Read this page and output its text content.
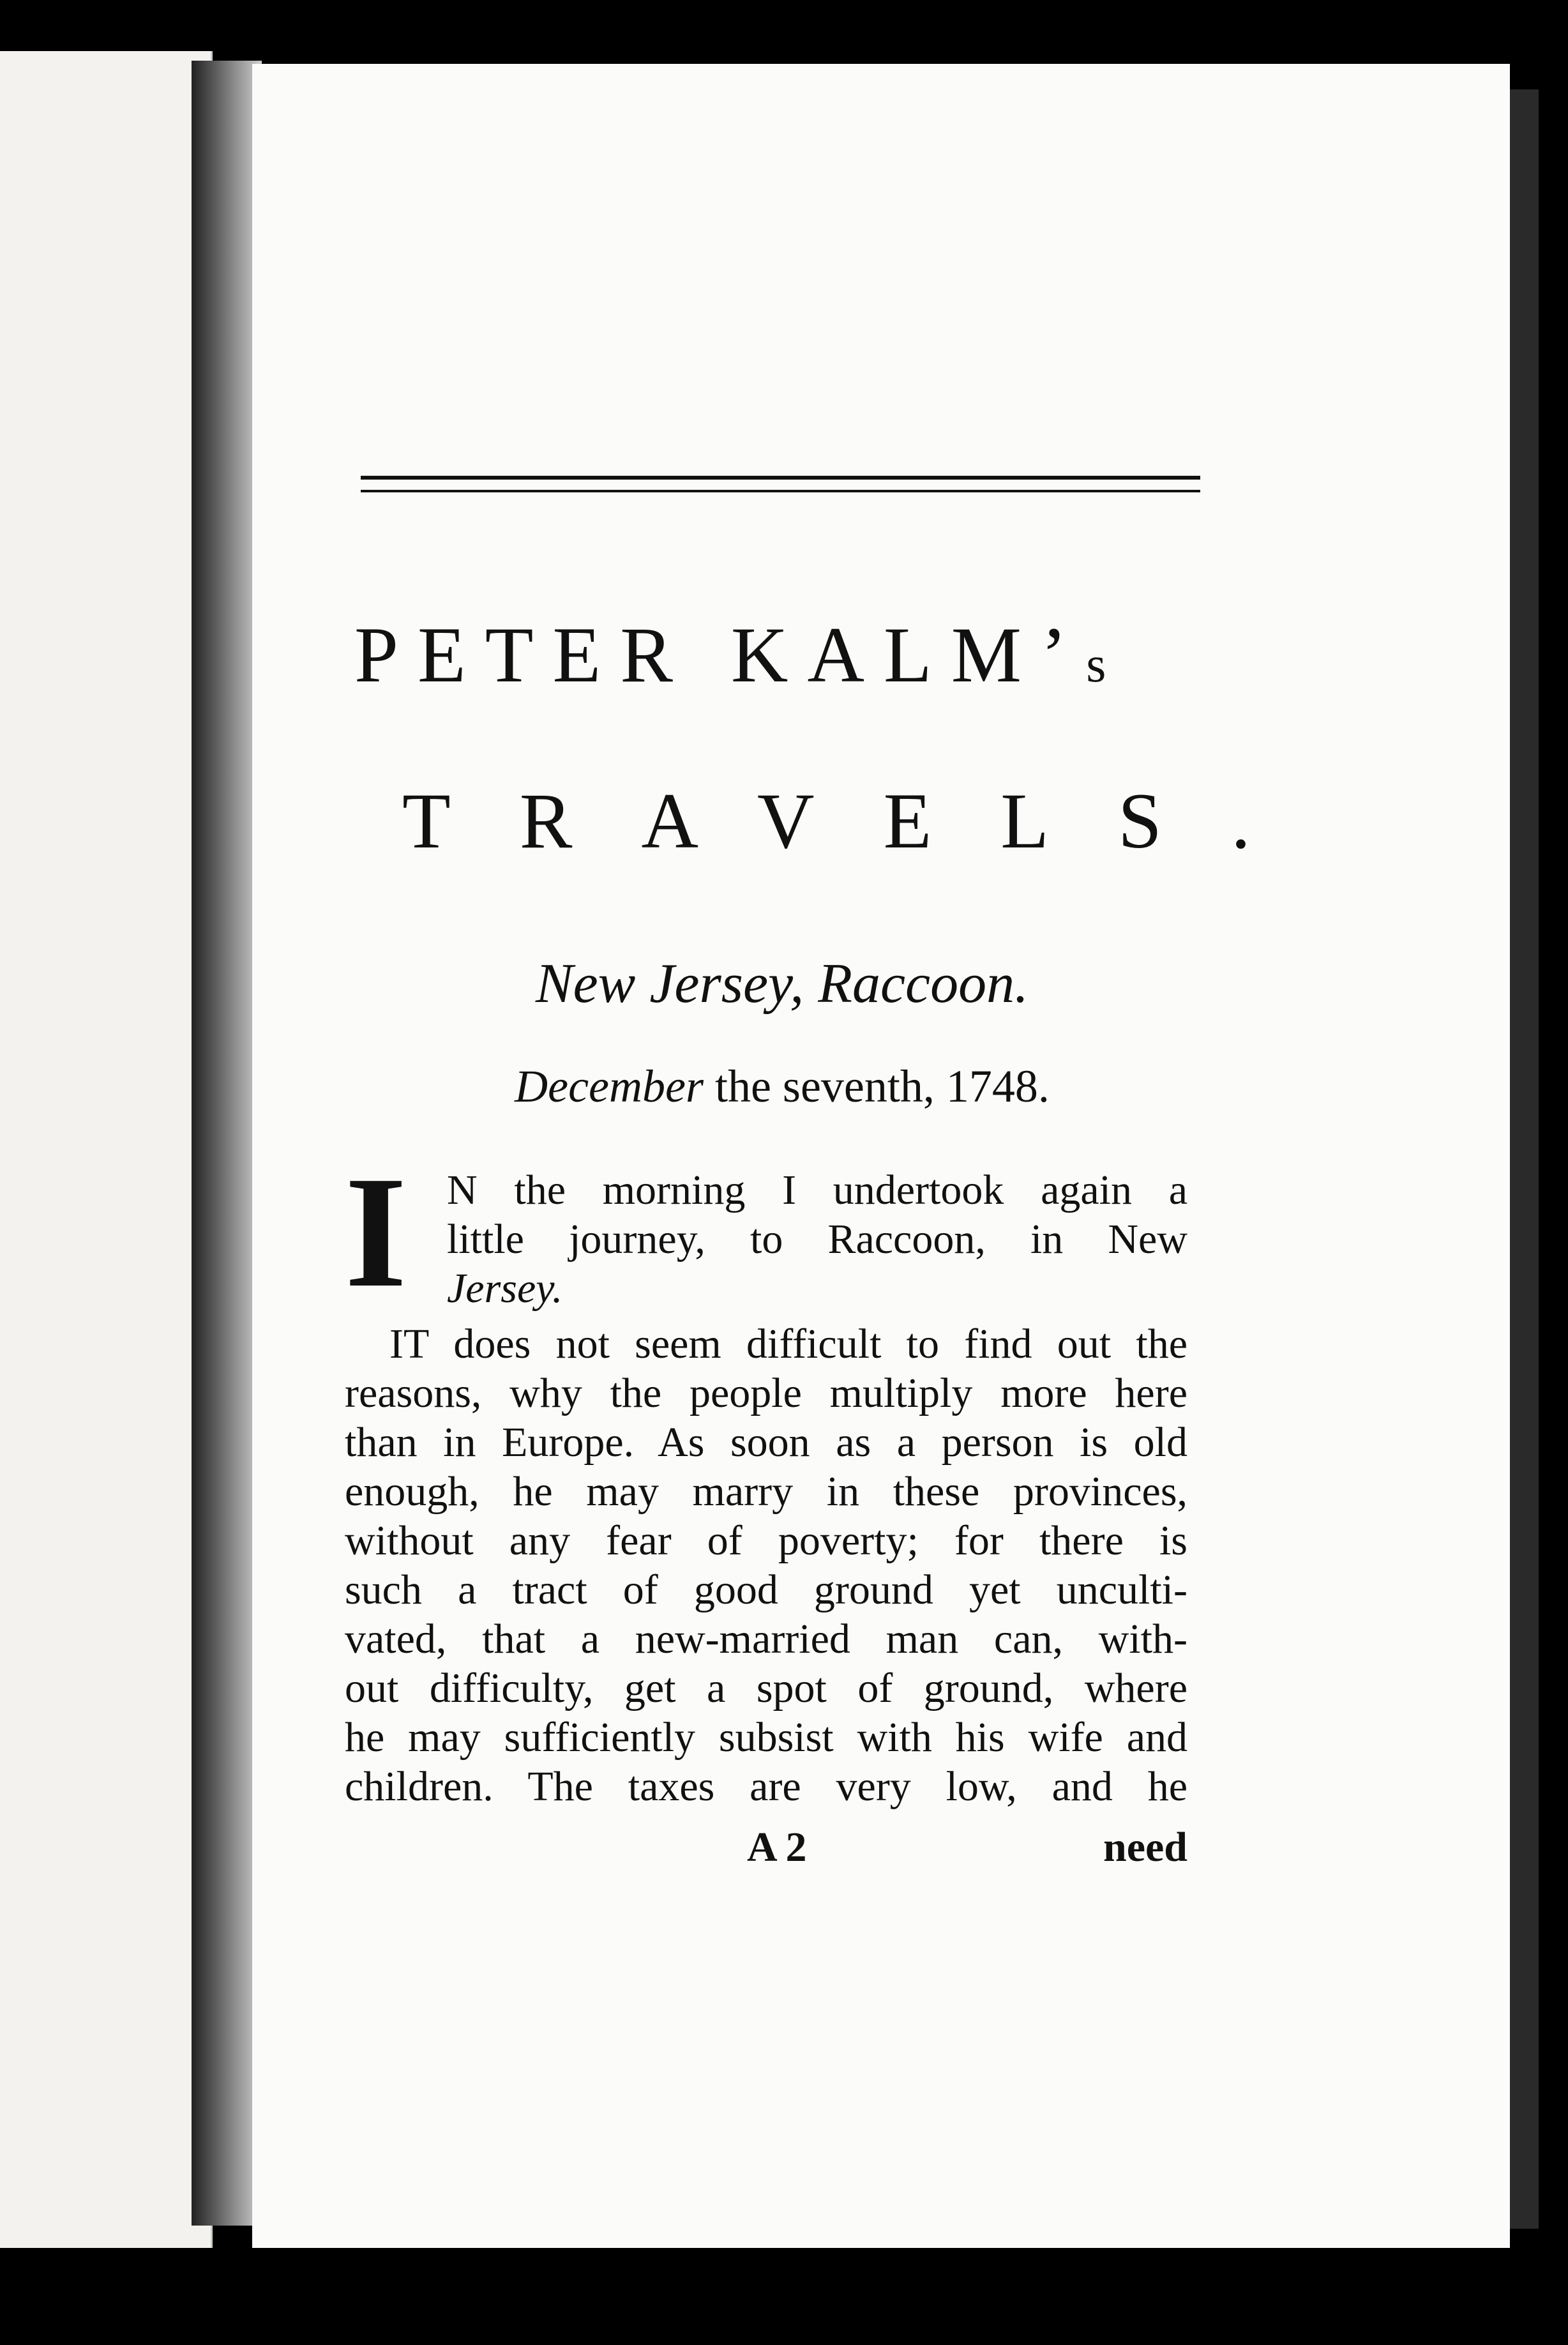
PETER KALM’s
TRAVELS.
New Jersey, Raccoon.
December the seventh, 1748.
I N the morning I undertook again a
little journey, to Raccoon, in New
Jersey.
IT does not seem difficult to find out the
reasons, why the people multiply more here
than in Europe. As soon as a person is old
enough, he may marry in these provinces,
without any fear of poverty; for there is
such a tract of good ground yet unculti-
vated, that a new-married man can, with-
out difficulty, get a spot of ground, where
he may sufficiently subsist with his wife and
children. The taxes are very low, and he
A 2	need
